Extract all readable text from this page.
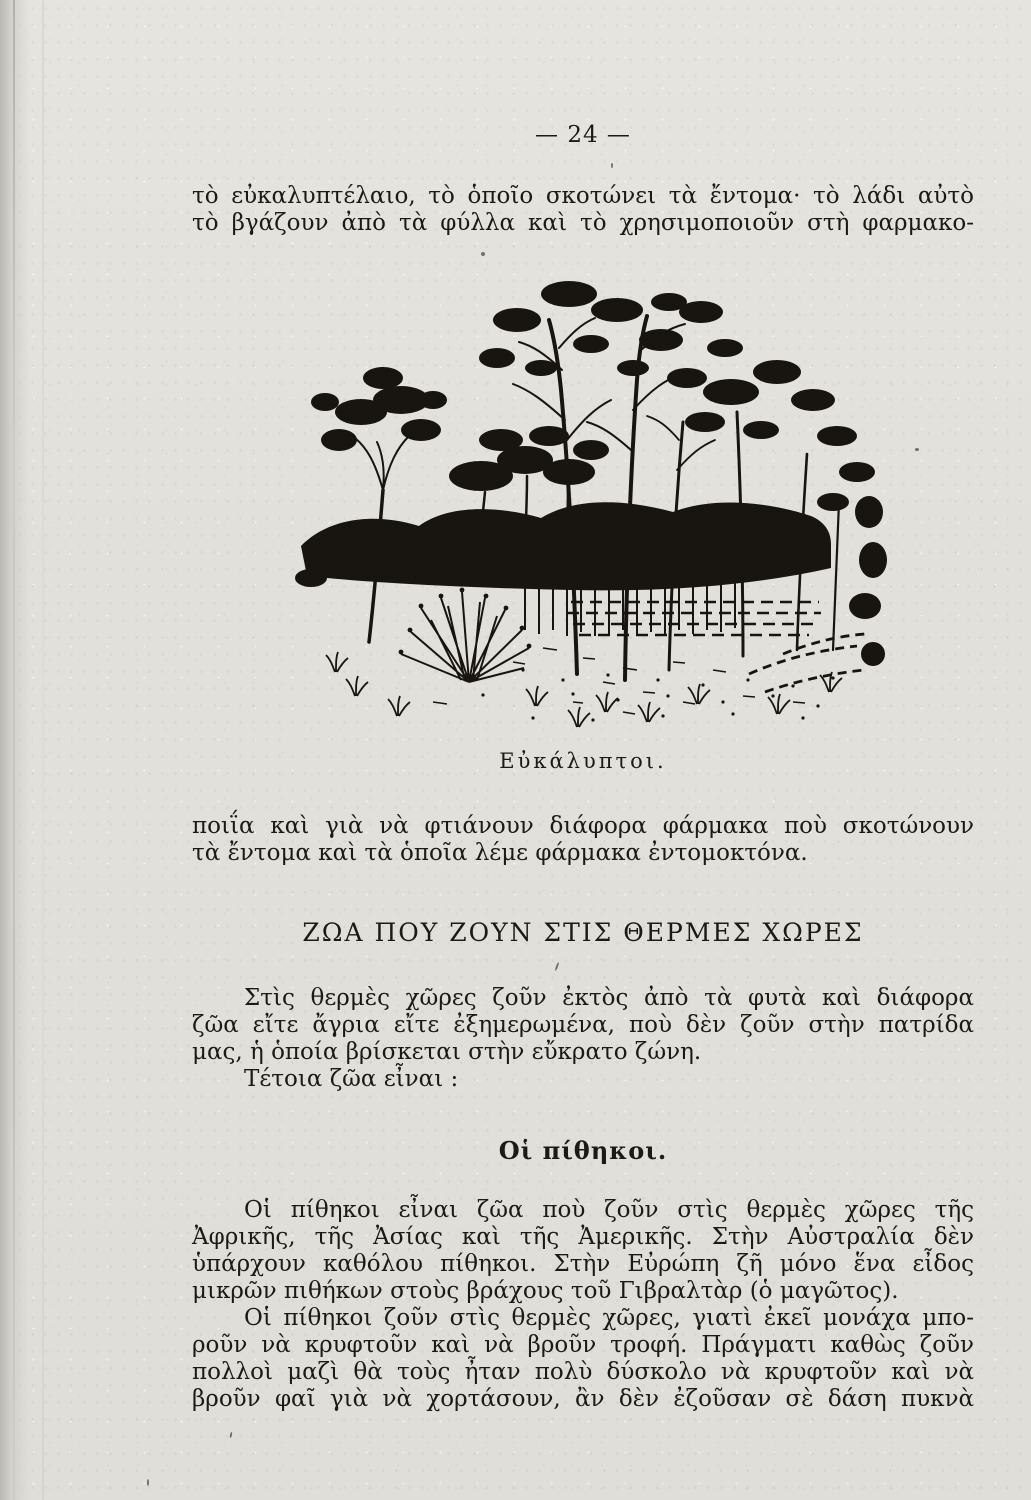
— 24 —
τὸ εὐκαλυπτέλαιο, τὸ ὁποῖο σκοτώνει τὰ ἔντομα· τὸ λάδι αὐτὸ
τὸ βγάζουν ἀπὸ τὰ φύλλα καὶ τὸ χρησιμοποιοῦν στὴ φαρμακο-
Εὐκάλυπτοι.
ποιΐα καὶ γιὰ νὰ φτιάνουν διάφορα φάρμακα ποὺ σκοτώνουν
τὰ ἔντομα καὶ τὰ ὁποῖα λέμε φάρμακα ἐντομοκτόνα.
ΖΩΑ ΠΟΥ ΖΟΥΝ ΣΤΙΣ ΘΕΡΜΕΣ ΧΩΡΕΣ
Στὶς θερμὲς χῶρες ζοῦν ἐκτὸς ἀπὸ τὰ φυτὰ καὶ διάφορα
ζῶα εἴτε ἄγρια εἴτε ἐξημερωμένα, ποὺ δὲν ζοῦν στὴν πατρίδα
μας, ἡ ὁποία βρίσκεται στὴν εὔκρατο ζώνη.
Τέτοια ζῶα εἶναι :
Οἱ πίθηκοι.
Οἱ πίθηκοι εἶναι ζῶα ποὺ ζοῦν στὶς θερμὲς χῶρες τῆς
Ἀφρικῆς, τῆς Ἀσίας καὶ τῆς Ἀμερικῆς. Στὴν Αὐστραλία δὲν
ὑπάρχουν καθόλου πίθηκοι. Στὴν Εὐρώπη ζῆ μόνο ἕνα εἶδος
μικρῶν πιθήκων στοὺς βράχους τοῦ Γιβραλτὰρ (ὁ μαγῶτος).
Οἱ πίθηκοι ζοῦν στὶς θερμὲς χῶρες, γιατὶ ἐκεῖ μονάχα μπο-
ροῦν νὰ κρυφτοῦν καὶ νὰ βροῦν τροφή. Πράγματι καθὼς ζοῦν
πολλοὶ μαζὶ θὰ τοὺς ἦταν πολὺ δύσκολο νὰ κρυφτοῦν καὶ νὰ
βροῦν φαῖ γιὰ νὰ χορτάσουν, ἂν δὲν ἐζοῦσαν σὲ δάση πυκνὰ
